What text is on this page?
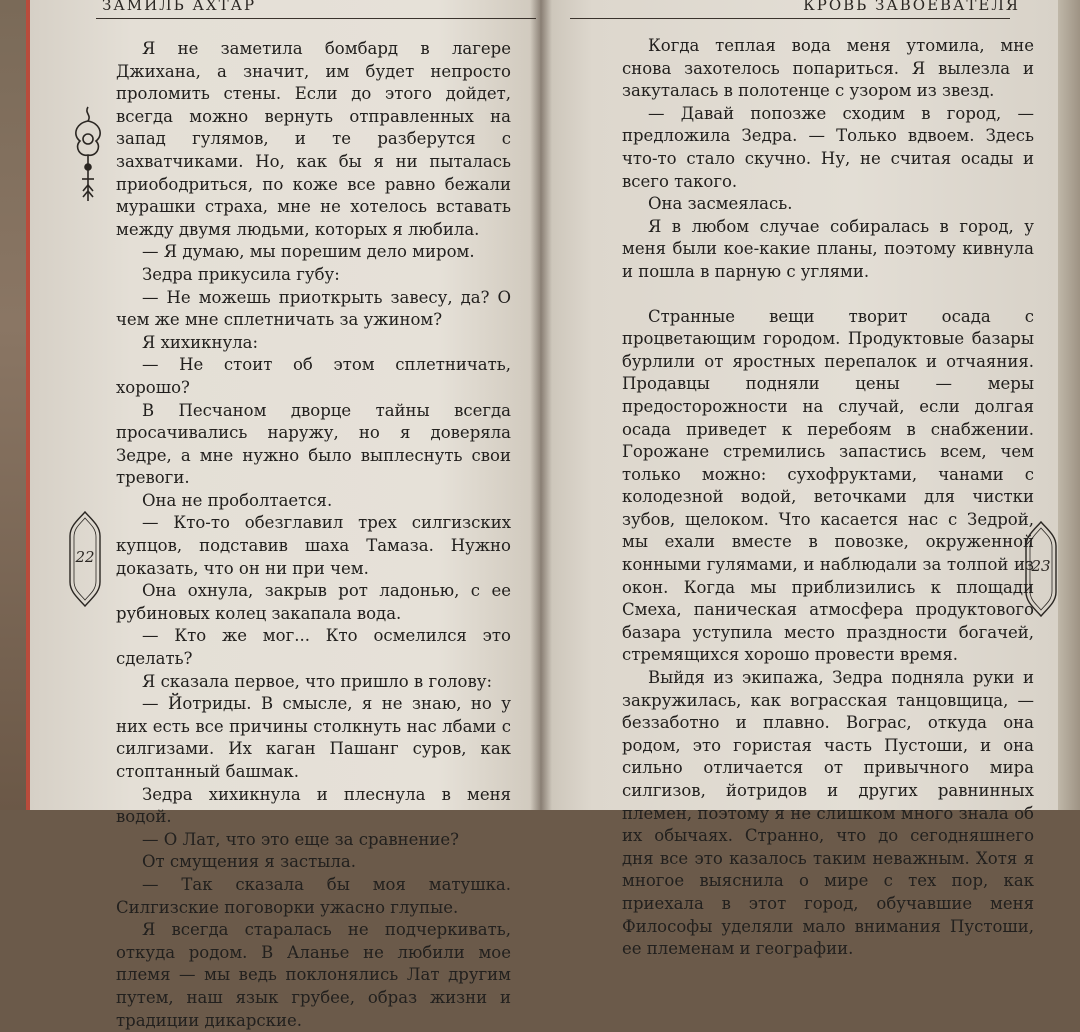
ЗАМИЛЬ АХТАР
22

Я не заметила бомбард в лагере Джихана, а значит, им будет непросто проломить стены. Если до этого дойдет, всегда можно вернуть отправленных на запад гулямов, и те разберутся с захватчиками. Но, как бы я ни пыталась приободриться, по коже все равно бежали мурашки страха, мне не хотелось вставать между двумя людьми, которых я любила.

— Я думаю, мы порешим дело миром.

Зедра прикусила губу:

— Не можешь приоткрыть завесу, да? О чем же мне сплетничать за ужином?

Я хихикнула:

— Не стоит об этом сплетничать, хорошо?

В Песчаном дворце тайны всегда просачивались наружу, но я доверяла Зедре, а мне нужно было выплеснуть свои тревоги.

Она не проболтается.

— Кто-то обезглавил трех силгизских купцов, подставив шаха Тамаза. Нужно доказать, что он ни при чем.

Она охнула, закрыв рот ладонью, с ее рубиновых колец закапала вода.

— Кто же мог... Кто осмелился это сделать?

Я сказала первое, что пришло в голову:

— Йотриды. В смысле, я не знаю, но у них есть все причины столкнуть нас лбами с силгизами. Их каган Пашанг суров, как стоптанный башмак.

Зедра хихикнула и плеснула в меня водой.

— О Лат, что это еще за сравнение?

От смущения я застыла.

— Так сказала бы моя матушка. Силгизские поговорки ужасно глупые.

Я всегда старалась не подчеркивать, откуда родом. В Аланье не любили мое племя — мы ведь поклонялись Лат другим путем, наш язык грубее, образ жизни и традиции дикарские.

КРОВЬ ЗАВОЕВАТЕЛЯ
23

Когда теплая вода меня утомила, мне снова захотелось попариться. Я вылезла и закуталась в полотенце с узором из звезд.

— Давай попозже сходим в город, — предложила Зедра. — Только вдвоем. Здесь что-то стало скучно. Ну, не считая осады и всего такого.

Она засмеялась.

Я в любом случае собиралась в город, у меня были кое-какие планы, поэтому кивнула и пошла в парную с углями.

Странные вещи творит осада с процветающим городом. Продуктовые базары бурлили от яростных перепалок и отчаяния. Продавцы подняли цены — меры предосторожности на случай, если долгая осада приведет к перебоям в снабжении. Горожане стремились запастись всем, чем только можно: сухофруктами, чанами с колодезной водой, веточками для чистки зубов, щелоком. Что касается нас с Зедрой, мы ехали вместе в повозке, окруженной конными гулямами, и наблюдали за толпой из окон. Когда мы приблизились к площади Смеха, паническая атмосфера продуктового базара уступила место праздности богачей, стремящихся хорошо провести время.

Выйдя из экипажа, Зедра подняла руки и закружилась, как вограсская танцовщица, — беззаботно и плавно. Вограс, откуда она родом, это гористая часть Пустоши, и она сильно отличается от привычного мира силгизов, йотридов и других равнинных племен, поэтому я не слишком много знала об их обычаях. Странно, что до сегодняшнего дня все это казалось таким неважным. Хотя я многое выяснила о мире с тех пор, как приехала в этот город, обучавшие меня Философы уделяли мало внимания Пустоши, ее племенам и географии.
